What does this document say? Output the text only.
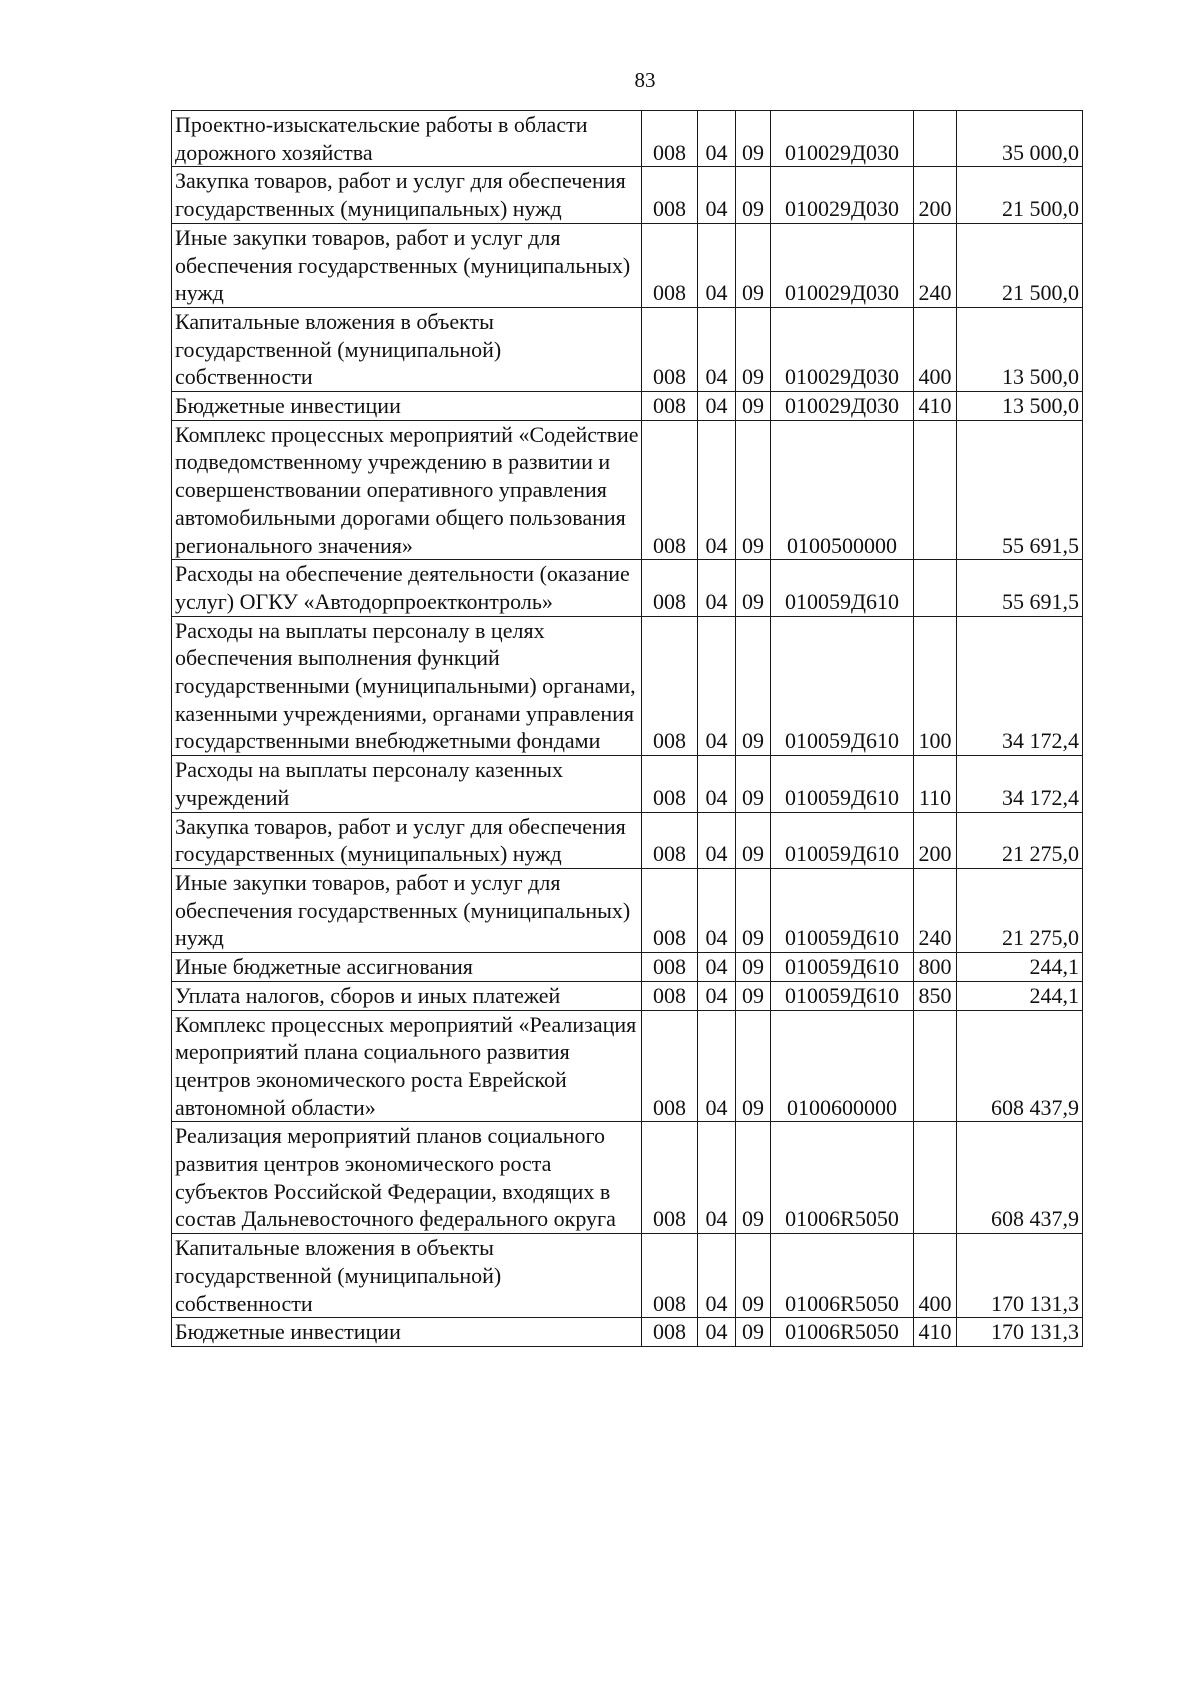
83
Проектно-изыскательские работы в области дорожного хозяйства	008	04	09	010029Д030		35 000,0
Закупка товаров, работ и услуг для обеспечения государственных (муниципальных) нужд	008	04	09	010029Д030	200	21 500,0
Иные закупки товаров, работ и услуг для обеспечения государственных (муниципальных) нужд	008	04	09	010029Д030	240	21 500,0
Капитальные вложения в объекты государственной (муниципальной) собственности	008	04	09	010029Д030	400	13 500,0
Бюджетные инвестиции	008	04	09	010029Д030	410	13 500,0
Комплекс процессных мероприятий «Содействие подведомственному учреждению в развитии и совершенствовании оперативного управления автомобильными дорогами общего пользования регионального значения»	008	04	09	0100500000		55 691,5
Расходы на обеспечение деятельности (оказание услуг) ОГКУ «Автодорпроектконтроль»	008	04	09	010059Д610		55 691,5
Расходы на выплаты персоналу в целях обеспечения выполнения функций государственными (муниципальными) органами, казенными учреждениями, органами управления государственными внебюджетными фондами	008	04	09	010059Д610	100	34 172,4
Расходы на выплаты персоналу казенных учреждений	008	04	09	010059Д610	110	34 172,4
Закупка товаров, работ и услуг для обеспечения государственных (муниципальных) нужд	008	04	09	010059Д610	200	21 275,0
Иные закупки товаров, работ и услуг для обеспечения государственных (муниципальных) нужд	008	04	09	010059Д610	240	21 275,0
Иные бюджетные ассигнования	008	04	09	010059Д610	800	244,1
Уплата налогов, сборов и иных платежей	008	04	09	010059Д610	850	244,1
Комплекс процессных мероприятий «Реализация мероприятий плана социального развития центров экономического роста Еврейской автономной области»	008	04	09	0100600000		608 437,9
Реализация мероприятий планов социального развития центров экономического роста субъектов Российской Федерации, входящих в состав Дальневосточного федерального округа	008	04	09	01006R5050		608 437,9
Капитальные вложения в объекты государственной (муниципальной) собственности	008	04	09	01006R5050	400	170 131,3
Бюджетные инвестиции	008	04	09	01006R5050	410	170 131,3
